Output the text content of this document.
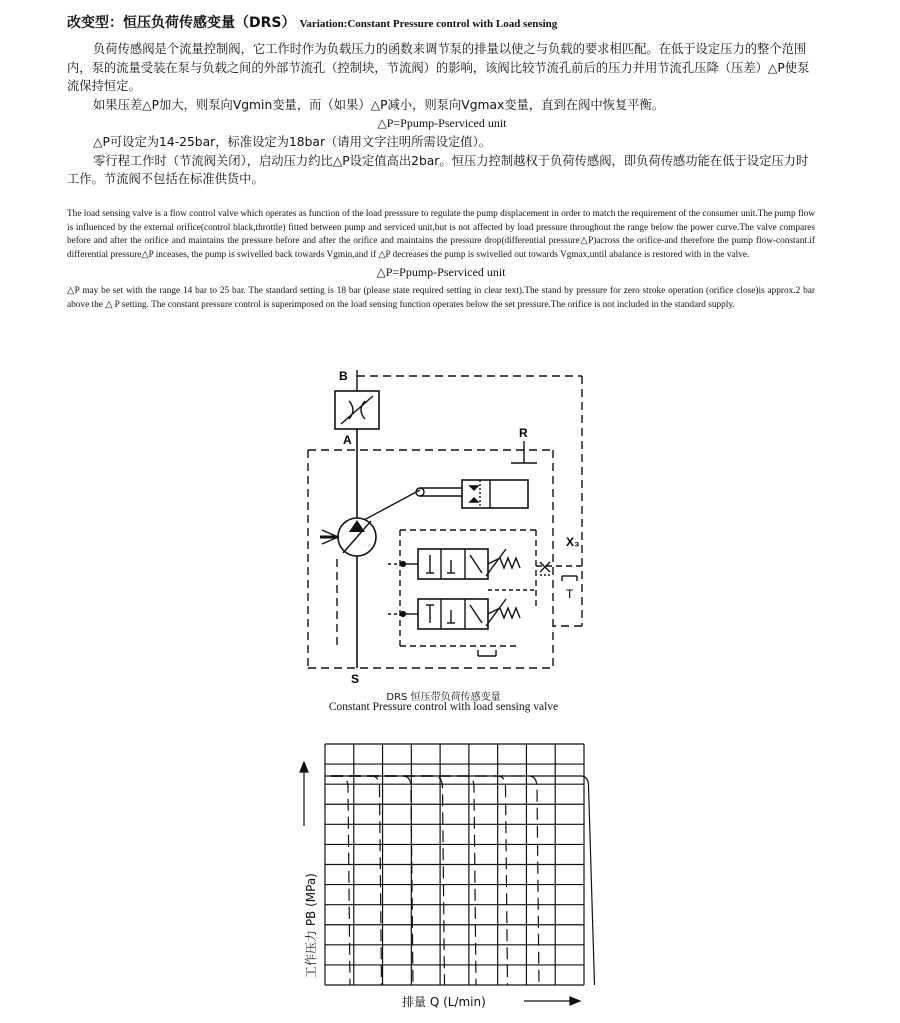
改变型：恒压负荷传感变量（DRS） Variation:Constant Pressure control with Load sensing

负荷传感阀是个流量控制阀，它工作时作为负载压力的函数来调节泵的排量以使之与负载的要求相匹配。在低于设定压力的整个范围内，泵的流量受装在泵与负载之间的外部节流孔（控制块，节流阀）的影响，该阀比较节流孔前后的压力并用节流孔压降（压差）△P使泵流保持恒定。

如果压差△P加大，则泵向Vgmin变量，而（如果）△P减小，则泵向Vgmax变量，直到在阀中恢复平衡。

△P=Ppump-Pserviced unit

△P可设定为14-25bar，标准设定为18bar（请用文字注明所需设定值）。

零行程工作时（节流阀关闭），启动压力约比△P设定值高出2bar。恒压力控制越权于负荷传感阀，即负荷传感功能在低于设定压力时工作。节流阀不包括在标准供货中。

The load sensing valve is a flow control valve which operates as function of the load presssure to regulate the pump displacement in order to match the requirement of the consumer unit.The pump flow is influenced by the external orifice(control black,throttle) fitted between pump and serviced unit,but is not affected by load pressure throughout the range below the power curve.The valve compares before and after the orifice and maintains the pressure before and after the orifice and maintains the pressure drop(differential pressure△P)across the orifice-and therefore the pump flow-constant.if differential pressure△P inceases, the pump is swivelled back towards Vgmin,and if △P decreases the pump is swivelled out towards Vgmax,until abalance is restored with in the valve.

△P=Ppump-Pserviced unit

△P may be set with the range 14 bar to 25 bar. The standard setting is 18 bar (please state required setting in clear text).The stand by pressure for zero stroke operation (orifice close)is approx.2 bar above the △ P setting. The constant pressure control is superimposed on the load sensing function operates below the set pressure.The orifice is not included in the standard supply.

B
A	R
X₃
S
T
DRS 恒压带负荷传感变量
Constant Pressure control with load sensing valve
工作压力 PB (MPa)
排量 Q (L/min)
